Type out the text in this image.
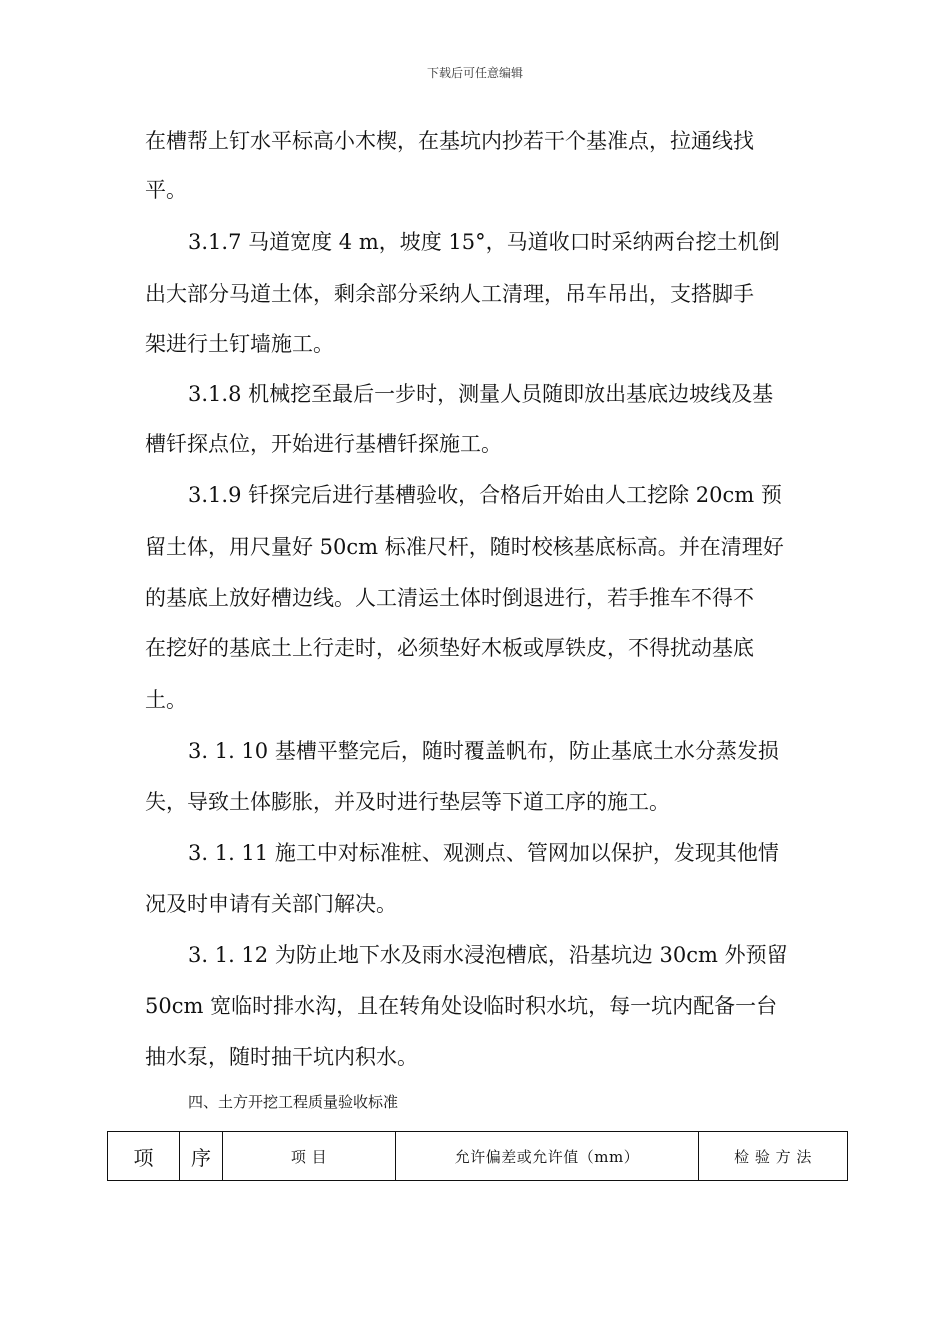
下载后可任意编辑
在槽帮上钉水平标高小木楔，在基坑内抄若干个基准点，拉通线找
平。
3.1.7 马道宽度 4 m，坡度 15°，马道收口时采纳两台挖土机倒
出大部分马道土体，剩余部分采纳人工清理，吊车吊出，支搭脚手
架进行土钉墙施工。
3.1.8 机械挖至最后一步时，测量人员随即放出基底边坡线及基
槽钎探点位，开始进行基槽钎探施工。
3.1.9 钎探完后进行基槽验收，合格后开始由人工挖除 20cm 预
留土体，用尺量好 50cm 标准尺杆，随时校核基底标高。并在清理好
的基底上放好槽边线。人工清运土体时倒退进行，若手推车不得不
在挖好的基底土上行走时，必须垫好木板或厚铁皮，不得扰动基底
土。
3. 1. 10 基槽平整完后，随时覆盖帆布，防止基底土水分蒸发损
失，导致土体膨胀，并及时进行垫层等下道工序的施工。
3. 1. 11 施工中对标准桩、观测点、管网加以保护，发现其他情
况及时申请有关部门解决。
3. 1. 12 为防止地下水及雨水浸泡槽底，沿基坑边 30cm 外预留
50cm 宽临时排水沟，且在转角处设临时积水坑，每一坑内配备一台
抽水泵，随时抽干坑内积水。
四、土方开挖工程质量验收标准
项	序	项 目	允许偏差或允许值（mm）	检 验 方 法
